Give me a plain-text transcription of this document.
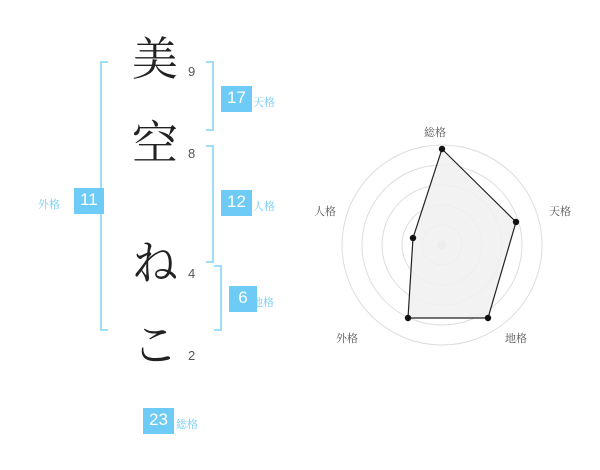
美
空
ね
こ
9
8
4
2
17 天格
12 人格
6 地格
11
外格
23 総格
総格
天格
地格
外格
人格
